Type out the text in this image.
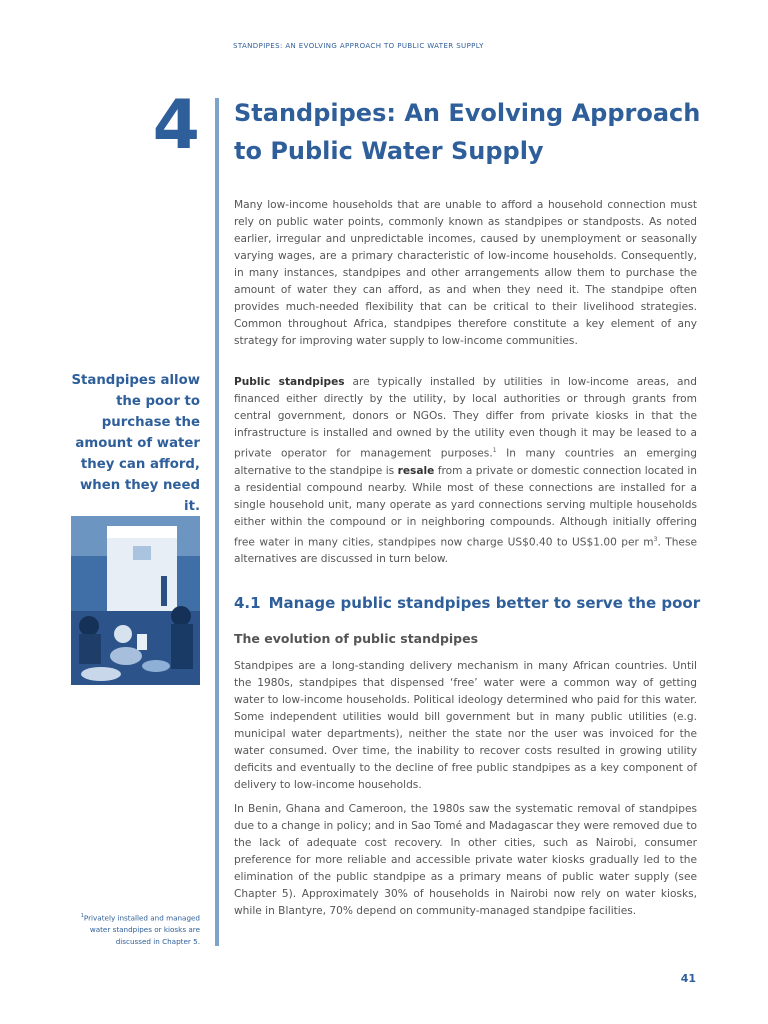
STANDPIPES: AN EVOLVING APPROACH TO PUBLIC WATER SUPPLY
4 Standpipes: An Evolving Approach to Public Water Supply

Many low-income households that are unable to afford a household connection must rely on public water points, commonly known as standpipes or standposts. As noted earlier, irregular and unpredictable incomes, caused by unemployment or seasonally varying wages, are a primary characteristic of low-income households. Consequently, in many instances, standpipes and other arrangements allow them to purchase the amount of water they can afford, as and when they need it. The standpipe often provides much-needed flexibility that can be critical to their livelihood strategies. Common throughout Africa, standpipes therefore constitute a key element of any strategy for improving water supply to low-income communities.

Standpipes allow the poor to purchase the amount of water they can afford, when they need it.

Public standpipes are typically installed by utilities in low-income areas, and financed either directly by the utility, by local authorities or through grants from central government, donors or NGOs. They differ from private kiosks in that the infrastructure is installed and owned by the utility even though it may be leased to a private operator for management purposes.$^1$ In many countries an emerging alternative to the standpipe is resale from a private or domestic connection located in a residential compound nearby. While most of these connections are installed for a single household unit, many operate as yard connections serving multiple households either within the compound or in neighboring compounds. Although initially offering free water in many cities, standpipes now charge US$0.40 to US$1.00 per $m^3$. These alternatives are discussed in turn below.

4.1 Manage public standpipes better to serve the poor
The evolution of public standpipes

Standpipes are a long-standing delivery mechanism in many African countries. Until the 1980s, standpipes that dispensed ‘free’ water were a common way of getting water to low-income households. Political ideology determined who paid for this water. Some independent utilities would bill government but in many public utilities (e.g. municipal water departments), neither the state nor the user was invoiced for the water consumed. Over time, the inability to recover costs resulted in growing utility deficits and eventually to the decline of free public standpipes as a key component of delivery to low-income households.

In Benin, Ghana and Cameroon, the 1980s saw the systematic removal of standpipes due to a change in policy; and in Sao Tomé and Madagascar they were removed due to the lack of adequate cost recovery. In other cities, such as Nairobi, consumer preference for more reliable and accessible private water kiosks gradually led to the elimination of the public standpipe as a primary means of public water supply (see Chapter 5). Approximately 30% of households in Nairobi now rely on water kiosks, while in Blantyre, 70% depend on community-managed standpipe facilities.

$^1$Privately installed and managed water standpipes or kiosks are discussed in Chapter 5.
41
